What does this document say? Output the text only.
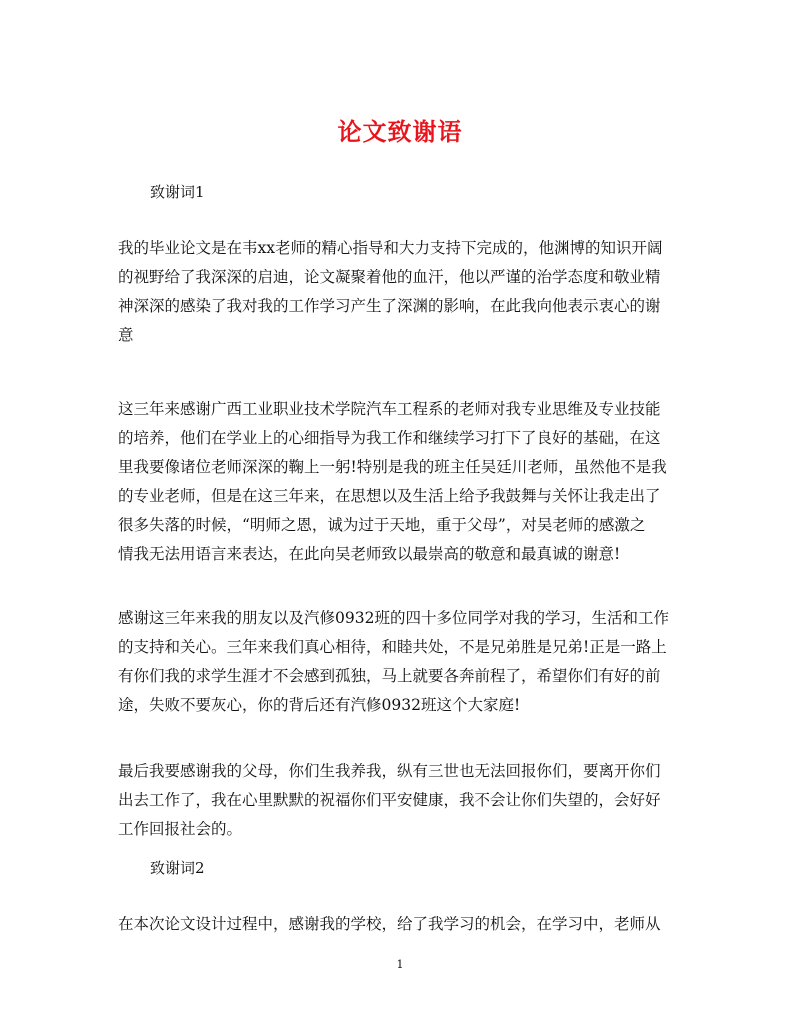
论文致谢语
致谢词1
我的毕业论文是在韦xx老师的精心指导和大力支持下完成的，他渊博的知识开阔
的视野给了我深深的启迪，论文凝聚着他的血汗，他以严谨的治学态度和敬业精
神深深的感染了我对我的工作学习产生了深渊的影响，在此我向他表示衷心的谢
意
这三年来感谢广西工业职业技术学院汽车工程系的老师对我专业思维及专业技能
的培养，他们在学业上的心细指导为我工作和继续学习打下了良好的基础，在这
里我要像诸位老师深深的鞠上一躬!特别是我的班主任吴廷川老师，虽然他不是我
的专业老师，但是在这三年来，在思想以及生活上给予我鼓舞与关怀让我走出了
很多失落的时候，“明师之恩，诚为过于天地，重于父母”，对吴老师的感激之
情我无法用语言来表达，在此向吴老师致以最崇高的敬意和最真诚的谢意!
感谢这三年来我的朋友以及汽修0932班的四十多位同学对我的学习，生活和工作
的支持和关心。三年来我们真心相待，和睦共处，不是兄弟胜是兄弟!正是一路上
有你们我的求学生涯才不会感到孤独，马上就要各奔前程了，希望你们有好的前
途，失败不要灰心，你的背后还有汽修0932班这个大家庭!
最后我要感谢我的父母，你们生我养我，纵有三世也无法回报你们，要离开你们
出去工作了，我在心里默默的祝福你们平安健康，我不会让你们失望的，会好好
工作回报社会的。
致谢词2
在本次论文设计过程中，感谢我的学校，给了我学习的机会，在学习中，老师从
1
